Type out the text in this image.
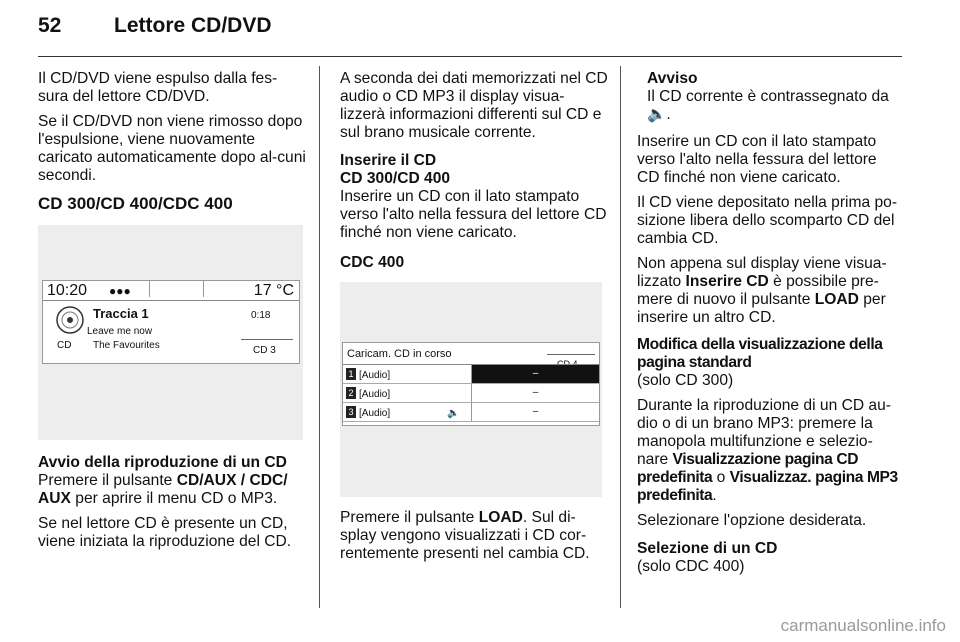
52	Lettore CD/DVD

Il CD/DVD viene espulso dalla fes-
sura del lettore CD/DVD.

Se il CD/DVD non viene rimosso dopo l'espulsione, viene nuovamente caricato automaticamente dopo al-cuni secondi.

CD 300/CD 400/CDC 400
10:20 ●●●	17 °C
CD
Traccia 1
Leave me now
The Favourites
0:18
CD 3
Avvio della riproduzione di un CD

Premere il pulsante CD/AUX / CDC/ AUX per aprire il menu CD o MP3.

Se nel lettore CD è presente un CD, viene iniziata la riproduzione del CD.

A seconda dei dati memorizzati nel CD audio o CD MP3 il display visua-lizzerà informazioni differenti sul CD e sul brano musicale corrente.

Inserire il CD
CD 300/CD 400

Inserire un CD con il lato stampato verso l'alto nella fessura del lettore CD finché non viene caricato.

CDC 400
Caricam. CD in corso
1 [Audio]	–
2 [Audio]	–
3 [Audio]	–
🔈

Premere il pulsante LOAD. Sul di-splay vengono visualizzati i CD cor-rentemente presenti nel cambia CD.

Avviso
Il CD corrente è contrassegnato da 🔈.

Inserire un CD con il lato stampato verso l'alto nella fessura del lettore CD finché non viene caricato.

Il CD viene depositato nella prima po-sizione libera dello scomparto CD del cambia CD.

Non appena sul display viene visua-lizzato Inserire CD è possibile pre-mere di nuovo il pulsante LOAD per inserire un altro CD.

Modifica della visualizzazione della pagina standard

(solo CD 300)

Durante la riproduzione di un CD au-dio o di un brano MP3: premere la manopola multifunzione e selezio-nare Visualizzazione pagina CD predefinita o Visualizzaz. pagina MP3 predefinita.

Selezionare l'opzione desiderata.

Selezione di un CD

(solo CDC 400)

carmanualsonline.info
